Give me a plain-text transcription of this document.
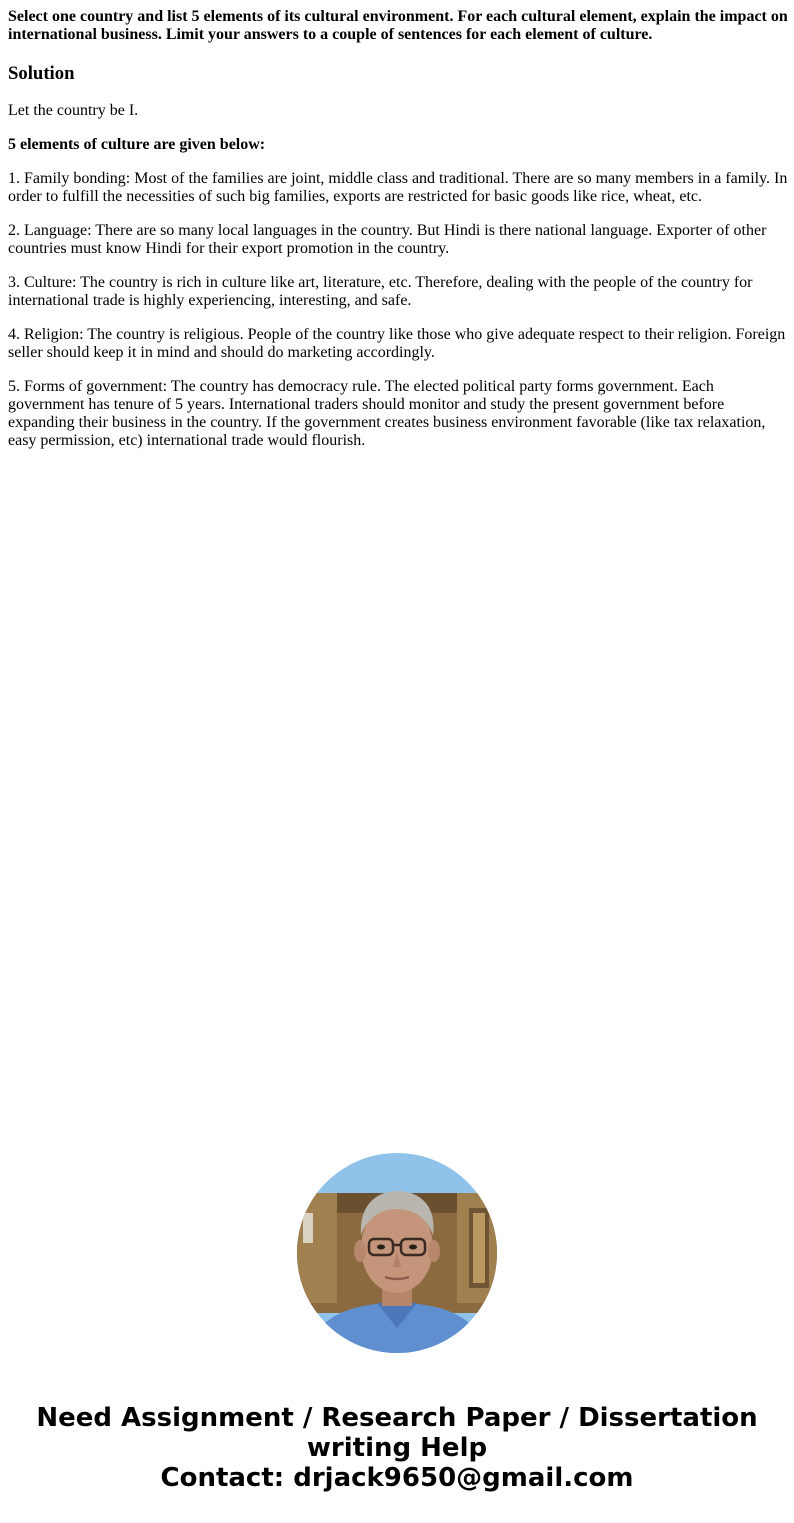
Select one country and list 5 elements of its cultural environment. For each cultural element, explain the impact on international business. Limit your answers to a couple of sentences for each element of culture.

Solution

Let the country be I.

5 elements of culture are given below:

1. Family bonding: Most of the families are joint, middle class and traditional. There are so many members in a family. In order to fulfill the necessities of such big families, exports are restricted for basic goods like rice, wheat, etc.

2. Language: There are so many local languages in the country. But Hindi is there national language. Exporter of other countries must know Hindi for their export promotion in the country.

3. Culture: The country is rich in culture like art, literature, etc. Therefore, dealing with the people of the country for international trade is highly experiencing, interesting, and safe.

4. Religion: The country is religious. People of the country like those who give adequate respect to their religion. Foreign seller should keep it in mind and should do marketing accordingly.

5. Forms of government: The country has democracy rule. The elected political party forms government. Each government has tenure of 5 years. International traders should monitor and study the present government before expanding their business in the country. If the government creates business environment favorable (like tax relaxation, easy permission, etc) international trade would flourish.

Need Assignment / Research Paper / Dissertation
writing Help
Contact: drjack9650@gmail.com
